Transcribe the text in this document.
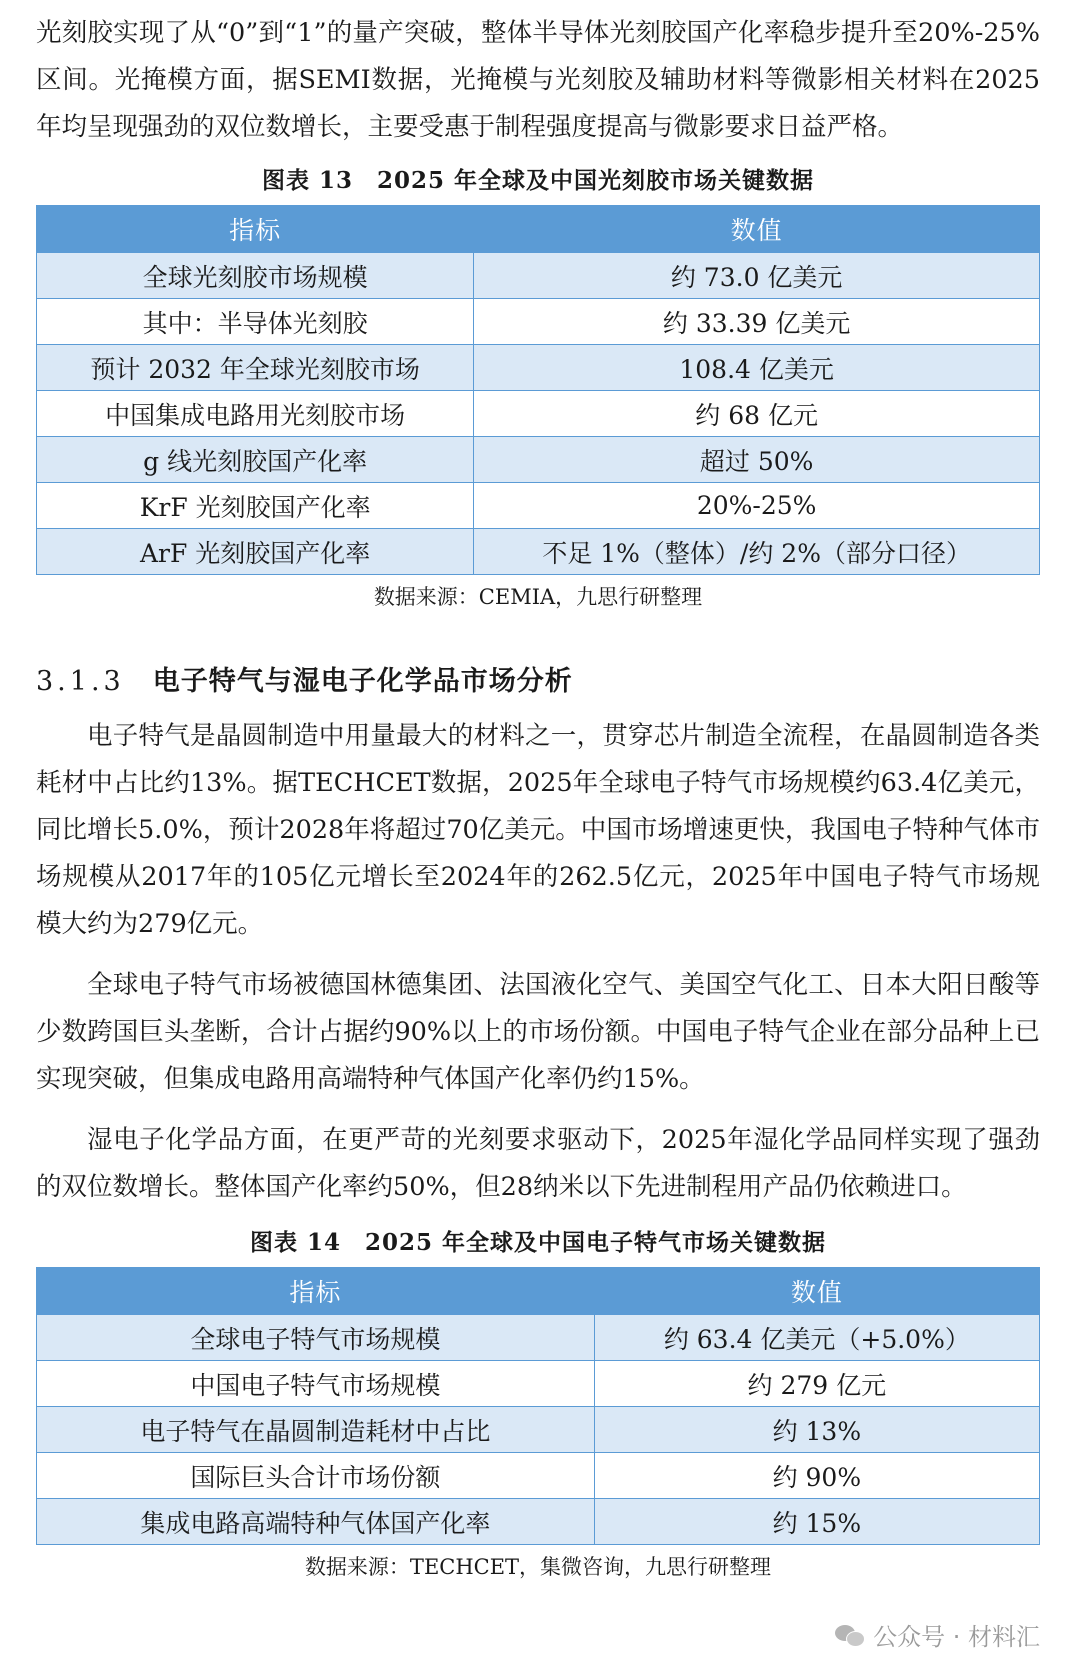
光刻胶实现了从“0”到“1”的量产突破，整体半导体光刻胶国产化率稳步提升至20%-25%区间。光掩模方面，据SEMI数据，光掩模与光刻胶及辅助材料等微影相关材料在2025年均呈现强劲的双位数增长，主要受惠于制程强度提高与微影要求日益严格。

图表 13　2025 年全球及中国光刻胶市场关键数据

指标	数值
全球光刻胶市场规模	约 73.0 亿美元
其中：半导体光刻胶	约 33.39 亿美元
预计 2032 年全球光刻胶市场	108.4 亿美元
中国集成电路用光刻胶市场	约 68 亿元
g 线光刻胶国产化率	超过 50%
KrF 光刻胶国产化率	20%-25%
ArF 光刻胶国产化率	不足 1%（整体）/约 2%（部分口径）

数据来源：CEMIA，九思行研整理

3.1.3 电子特气与湿电子化学品市场分析

电子特气是晶圆制造中用量最大的材料之一，贯穿芯片制造全流程，在晶圆制造各类耗材中占比约13%。据TECHCET数据，2025年全球电子特气市场规模约63.4亿美元，同比增长5.0%，预计2028年将超过70亿美元。中国市场增速更快，我国电子特种气体市场规模从2017年的105亿元增长至2024年的262.5亿元，2025年中国电子特气市场规模大约为279亿元。

全球电子特气市场被德国林德集团、法国液化空气、美国空气化工、日本大阳日酸等少数跨国巨头垄断，合计占据约90%以上的市场份额。中国电子特气企业在部分品种上已实现突破，但集成电路用高端特种气体国产化率仍约15%。

湿电子化学品方面，在更严苛的光刻要求驱动下，2025年湿化学品同样实现了强劲的双位数增长。整体国产化率约50%，但28纳米以下先进制程用产品仍依赖进口。

图表 14　2025 年全球及中国电子特气市场关键数据

指标	数值
全球电子特气市场规模	约 63.4 亿美元（+5.0%）
中国电子特气市场规模	约 279 亿元
电子特气在晶圆制造耗材中占比	约 13%
国际巨头合计市场份额	约 90%
集成电路高端特种气体国产化率	约 15%

数据来源：TECHCET，集微咨询，九思行研整理

公众号 · 材料汇
